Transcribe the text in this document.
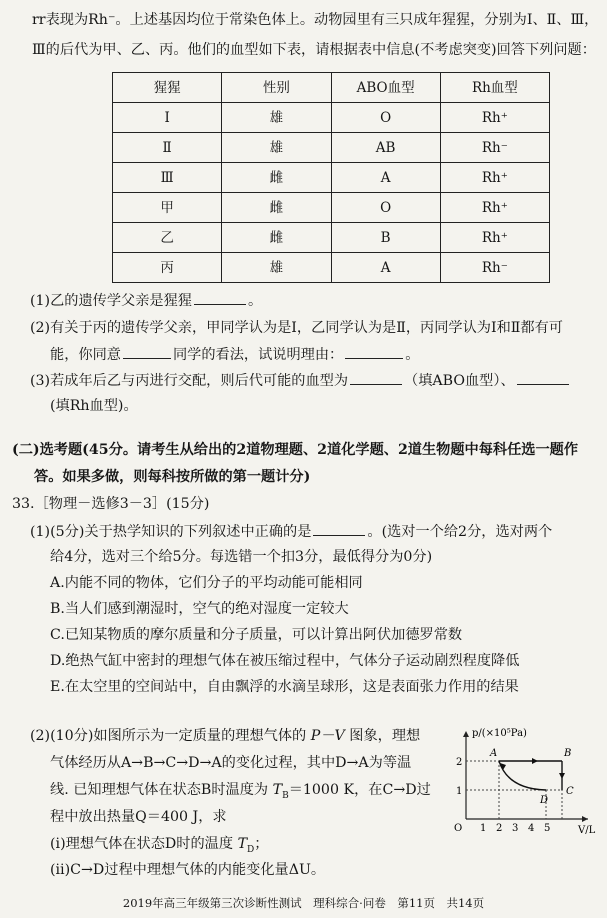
rr表现为Rh⁻。上述基因均位于常染色体上。动物园里有三只成年猩猩，分别为Ⅰ、Ⅱ、Ⅲ，
Ⅲ的后代为甲、乙、丙。他们的血型如下表，请根据表中信息(不考虑突变)回答下列问题：
猩猩	性别	ABO血型	Rh血型
Ⅰ	雄	O	Rh⁺
Ⅱ	雄	AB	Rh⁻
Ⅲ	雌	A	Rh⁺
甲	雌	O	Rh⁺
乙	雌	B	Rh⁺
丙	雄	A	Rh⁻
(1)乙的遗传学父亲是猩猩	。
(2)有关于丙的遗传学父亲，甲同学认为是Ⅰ，乙同学认为是Ⅱ，丙同学认为Ⅰ和Ⅱ都有可
能，你同意	同学的看法，试说明理由：	。
(3)若成年后乙与丙进行交配，则后代可能的血型为	（填ABO血型）、
(填Rh血型)。
(二)选考题(45分。请考生从给出的2道物理题、2道化学题、2道生物题中每科任选一题作
答。如果多做，则每科按所做的第一题计分)
33.［物理－选修3－3］(15分)
(1)(5分)关于热学知识的下列叙述中正确的是	。(选对一个给2分，选对两个
给4分，选对三个给5分。每选错一个扣3分，最低得分为0分)
A.内能不同的物体，它们分子的平均动能可能相同
B.当人们感到潮湿时，空气的绝对湿度一定较大
C.已知某物质的摩尔质量和分子质量，可以计算出阿伏加德罗常数
D.绝热气缸中密封的理想气体在被压缩过程中，气体分子运动剧烈程度降低
E.在太空里的空间站中，自由飘浮的水滴呈球形，这是表面张力作用的结果
(2)(10分)如图所示为一定质量的理想气体的 P－V 图象，理想
气体经历从A→B→C→D→A的变化过程，其中D→A为等温
线. 已知理想气体在状态B时温度为 $T_B=1000$ K，在C→D过
程中放出热量Q＝400 J，求
(ⅰ)理想气体在状态D时的温度 $T_D$；
(ⅱ)C→D过程中理想气体的内能变化量ΔU。
p/(×10⁵Pa)
V/L
O
1
2
1 2 3 4 5
A	B
C
D
2019年高三年级第三次诊断性测试　理科综合·问卷　第11页　共14页
